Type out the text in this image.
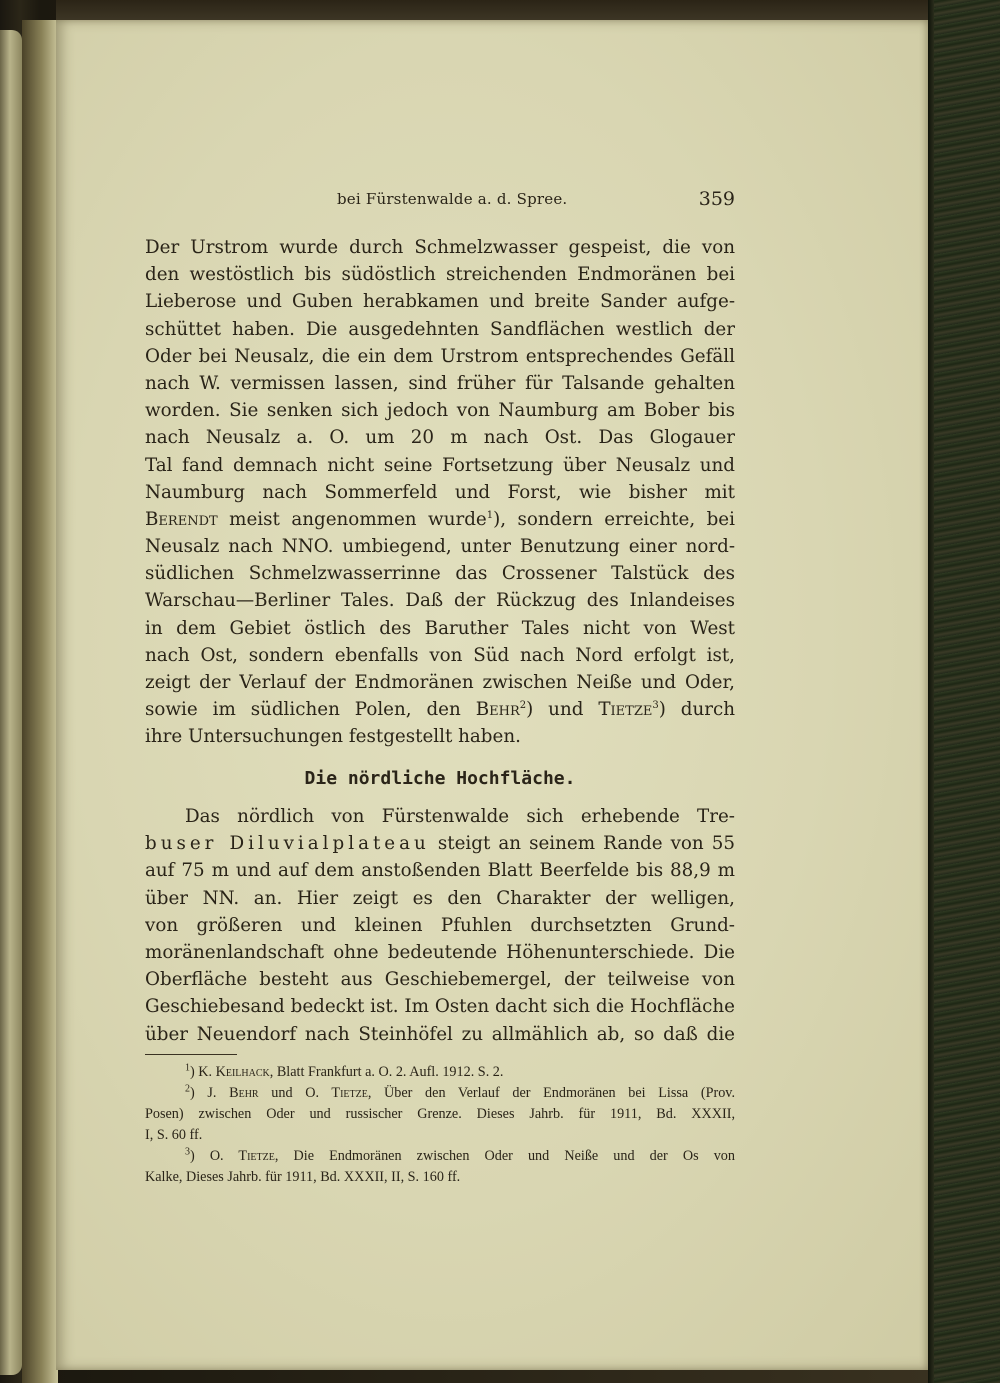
bei Fürstenwalde a. d. Spree.	359
Der Urstrom wurde durch Schmelzwasser gespeist, die von
den westöstlich bis südöstlich streichenden Endmoränen bei
Lieberose und Guben herabkamen und breite Sander aufge-
schüttet haben. Die ausgedehnten Sandflächen westlich der
Oder bei Neusalz, die ein dem Urstrom entsprechendes Gefäll
nach W. vermissen lassen, sind früher für Talsande gehalten
worden. Sie senken sich jedoch von Naumburg am Bober bis
nach Neusalz a. O. um 20 m nach Ost. Das Glogauer
Tal fand demnach nicht seine Fortsetzung über Neusalz und
Naumburg nach Sommerfeld und Forst, wie bisher mit
Berendt meist angenommen wurde$^1$), sondern erreichte, bei
Neusalz nach NNO. umbiegend, unter Benutzung einer nord-
südlichen Schmelzwasserrinne das Crossener Talstück des
Warschau—Berliner Tales. Daß der Rückzug des Inlandeises
in dem Gebiet östlich des Baruther Tales nicht von West
nach Ost, sondern ebenfalls von Süd nach Nord erfolgt ist,
zeigt der Verlauf der Endmoränen zwischen Neiße und Oder,
sowie im südlichen Polen, den Behr$^2$) und Tietze$^3$) durch
ihre Untersuchungen festgestellt haben.
Die nördliche Hochfläche.
Das nördlich von Fürstenwalde sich erhebende Tre-
buser Diluvialplateau steigt an seinem Rande von 55
auf 75 m und auf dem anstoßenden Blatt Beerfelde bis 88,9 m
über NN. an. Hier zeigt es den Charakter der welligen,
von größeren und kleinen Pfuhlen durchsetzten Grund-
moränenlandschaft ohne bedeutende Höhenunterschiede. Die
Oberfläche besteht aus Geschiebemergel, der teilweise von
Geschiebesand bedeckt ist. Im Osten dacht sich die Hochfläche
über Neuendorf nach Steinhöfel zu allmählich ab, so daß die
$^1$) K. Keilhack, Blatt Frankfurt a. O. 2. Aufl. 1912. S. 2.
$^2$) J. Behr und O. Tietze, Über den Verlauf der Endmoränen bei Lissa (Prov.
Posen) zwischen Oder und russischer Grenze. Dieses Jahrb. für 1911, Bd. XXXII,
I, S. 60 ff.
$^3$) O. Tietze, Die Endmoränen zwischen Oder und Neiße und der Os von
Kalke, Dieses Jahrb. für 1911, Bd. XXXII, II, S. 160 ff.
